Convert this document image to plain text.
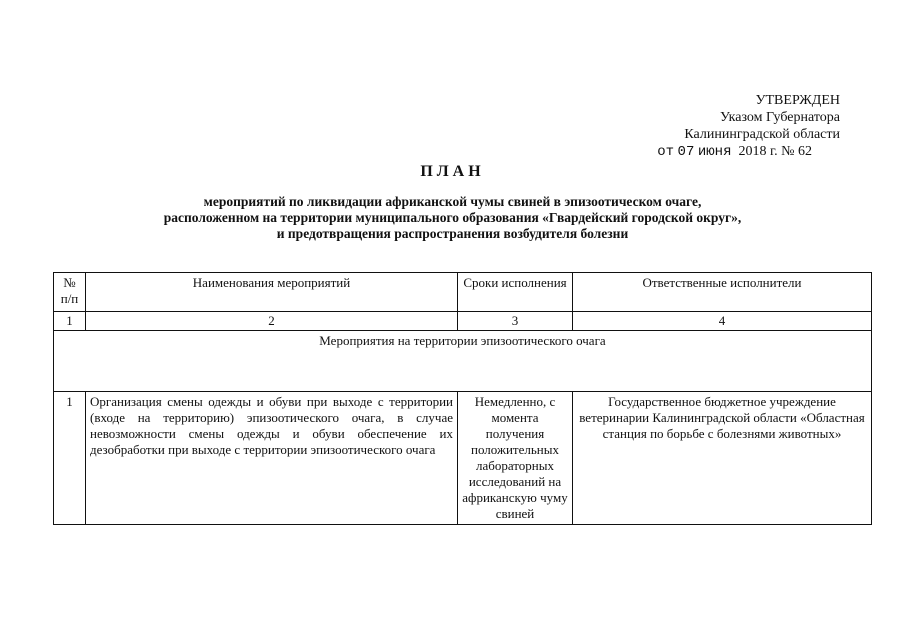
УТВЕРЖДЕН
Указом Губернатора
Калининградской области
от 07 июня 2018 г. № 62
ПЛАН
мероприятий по ликвидации африканской чумы свиней в эпизоотическом очаге,
расположенном на территории муниципального образования «Гвардейский городской округ»,
и предотвращения распространения возбудителя болезни
№ п/п	Наименования мероприятий	Сроки исполнения	Ответственные исполнители
1	2	3	4
Мероприятия на территории эпизоотического очага			
1	Организация смены одежды и обуви при выходе с территории (входе на территорию) эпизоотического очага, в случае невозможности смены одежды и обуви обеспечение их дезобработки при выходе с территории эпизоотического очага	Немедленно, с момента получения положительных лабораторных исследований на африканскую чуму свиней	Государственное бюджетное учреждение ветеринарии Калининградской области «Областная станция по борьбе с болезнями животных»
